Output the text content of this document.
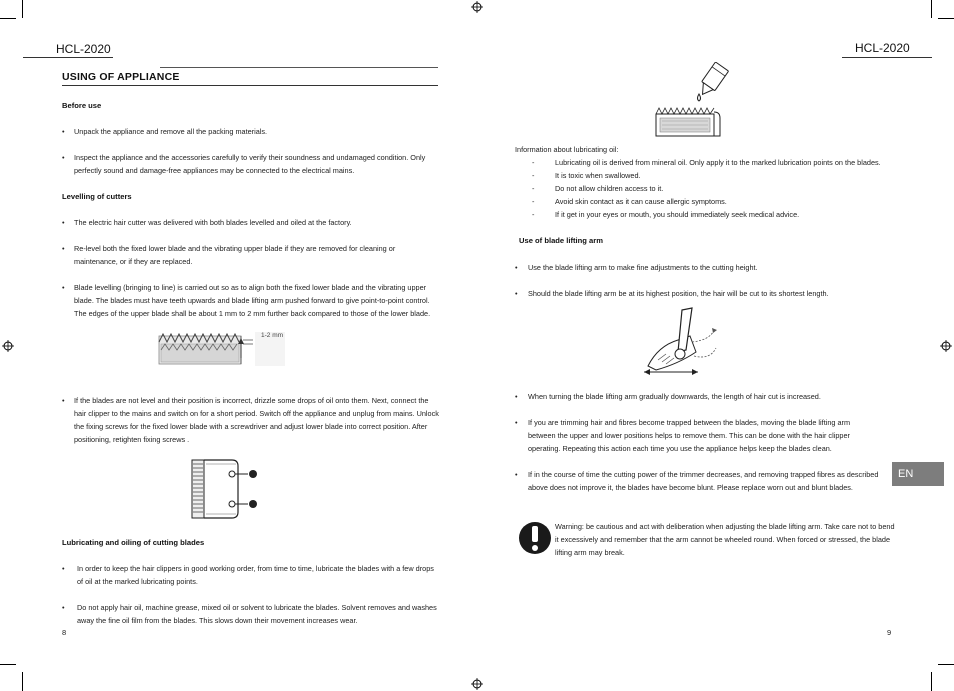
HCL-2020	HCL-2020
USING OF APPLIANCE
Before use
• Unpack the appliance and remove all the packing materials.
• Inspect the appliance and the accessories carefully to verify their soundness and undamaged condition. Only perfectly sound and damage-free appliances may be connected to the electrical mains.
Levelling of cutters
• The electric hair cutter was delivered with both blades levelled and oiled at the factory.
• Re-level both the fixed lower blade and the vibrating upper blade if they are removed for cleaning or maintenance, or if they are replaced.
• Blade levelling (bringing to line) is carried out so as to align both the fixed lower blade and the vibrating upper blade. The blades must have teeth upwards and blade lifting arm pushed forward to give point-to-point control. The edges of the upper blade shall be about 1 mm to 2 mm further back compared to those of the lower blade.
1-2 mm
• If the blades are not level and their position is incorrect, drizzle some drops of oil onto them. Next, connect the hair clipper to the mains and switch on for a short period. Switch off the appliance and unplug from mains. Unlock the fixing screws for the fixed lower blade with a screwdriver and adjust lower blade into correct position. After positioning, retighten fixing screws .
Lubricating and oiling of cutting blades
• In order to keep the hair clippers in good working order, from time to time, lubricate the blades with a few drops of oil at the marked lubricating points.
• Do not apply hair oil, machine grease, mixed oil or solvent to lubricate the blades. Solvent removes and washes away the fine oil film from the blades. This slows down their movement increases wear.
8
Information about lubricating oil:
-	Lubricating oil is derived from mineral oil. Only apply it to the marked lubrication points on the blades.
-	It is toxic when swallowed.
-	Do not allow children access to it.
-	Avoid skin contact as it can cause allergic symptoms.
-	If it get in your eyes or mouth, you should immediately seek medical advice.
Use of blade lifting arm
• Use the blade lifting arm to make fine adjustments to the cutting height.
• Should the blade lifting arm be at its highest position, the hair will be cut to its shortest length.
• When turning the blade lifting arm gradually downwards, the length of hair cut is increased.
• If you are trimming hair and fibres become trapped between the blades, moving the blade lifting arm between the upper and lower positions helps to remove them. This can be done with the hair clipper operating. Repeating this action each time you use the appliance helps keep the blades clean.
• If in the course of time the cutting power of the trimmer decreases, and removing trapped fibres as described above does not improve it, the blades have become blunt. Please replace worn out and blunt blades.
Warning: be cautious and act with deliberation when adjusting the blade lifting arm. Take care not to bend it excessively and remember that the arm cannot be wheeled round. When forced or stressed, the blade lifting arm may break.
9
EN
